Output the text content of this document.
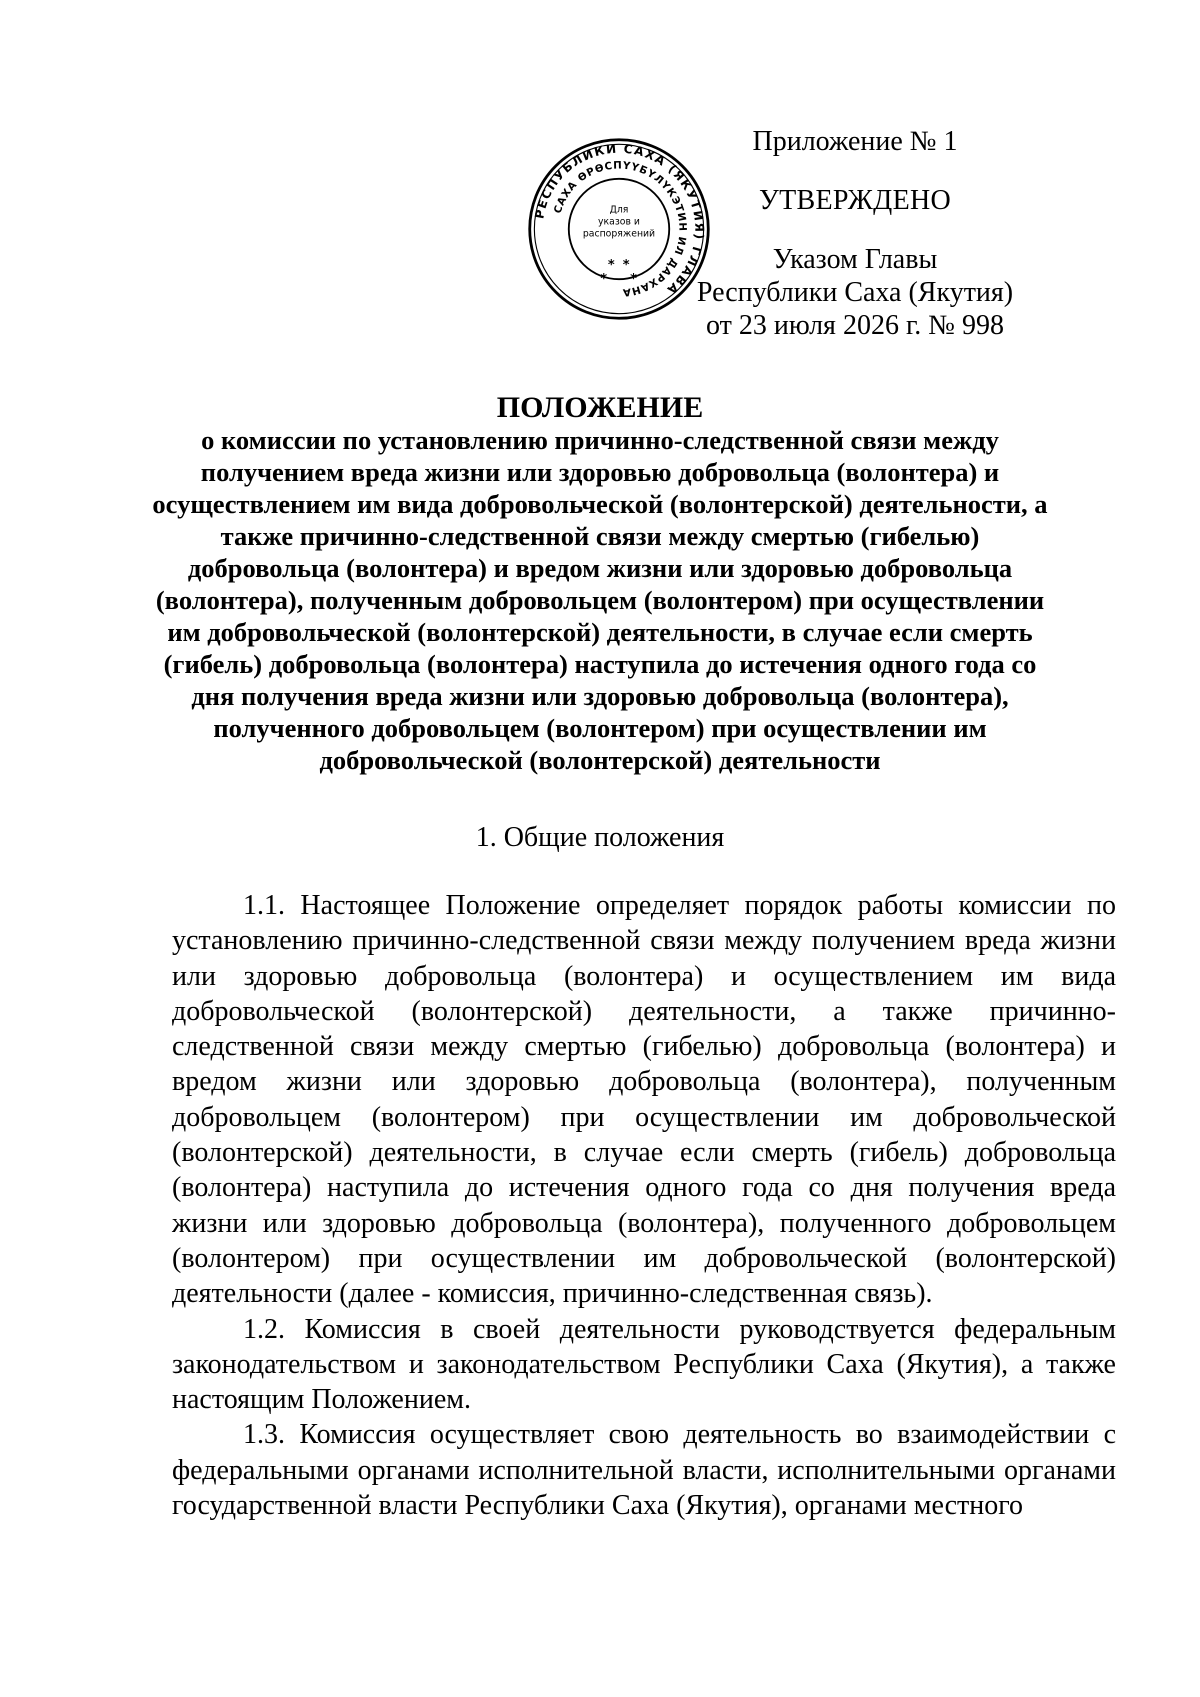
Приложение № 1

УТВЕРЖДЕНО

Указом Главы

Республики Саха (Якутия)

от 23 июля 2026 г. № 998

РЕСПУБЛИКИ САХА (ЯКУТИЯ) ГЛАВА
САХА ӨРӨСПҮҮБҮЛҮКЭТИН ИЛ ДАРХАНА
Для
указов и
распоряжений
* *
* *

ПОЛОЖЕНИЕ

о комиссии по установлению причинно-следственной связи между получением вреда жизни или здоровью добровольца (волонтера) и осуществлением им вида добровольческой (волонтерской) деятельности, а также причинно-следственной связи между смертью (гибелью) добровольца (волонтера) и вредом жизни или здоровью добровольца (волонтера), полученным добровольцем (волонтером) при осуществлении им добровольческой (волонтерской) деятельности, в случае если смерть (гибель) добровольца (волонтера) наступила до истечения одного года со дня получения вреда жизни или здоровью добровольца (волонтера), полученного добровольцем (волонтером) при осуществлении им добровольческой (волонтерской) деятельности

1. Общие положения

1.1. Настоящее Положение определяет порядок работы комиссии по установлению причинно-следственной связи между получением вреда жизни или здоровью добровольца (волонтера) и осуществлением им вида добровольческой (волонтерской) деятельности, а также причинно-следственной связи между смертью (гибелью) добровольца (волонтера) и вредом жизни или здоровью добровольца (волонтера), полученным добровольцем (волонтером) при осуществлении им добровольческой (волонтерской) деятельности, в случае если смерть (гибель) добровольца (волонтера) наступила до истечения одного года со дня получения вреда жизни или здоровью добровольца (волонтера), полученного добровольцем (волонтером) при осуществлении им добровольческой (волонтерской) деятельности (далее - комиссия, причинно-следственная связь).

1.2. Комиссия в своей деятельности руководствуется федеральным законодательством и законодательством Республики Саха (Якутия), а также настоящим Положением.

1.3. Комиссия осуществляет свою деятельность во взаимодействии с федеральными органами исполнительной власти, исполнительными органами государственной власти Республики Саха (Якутия), органами местного
